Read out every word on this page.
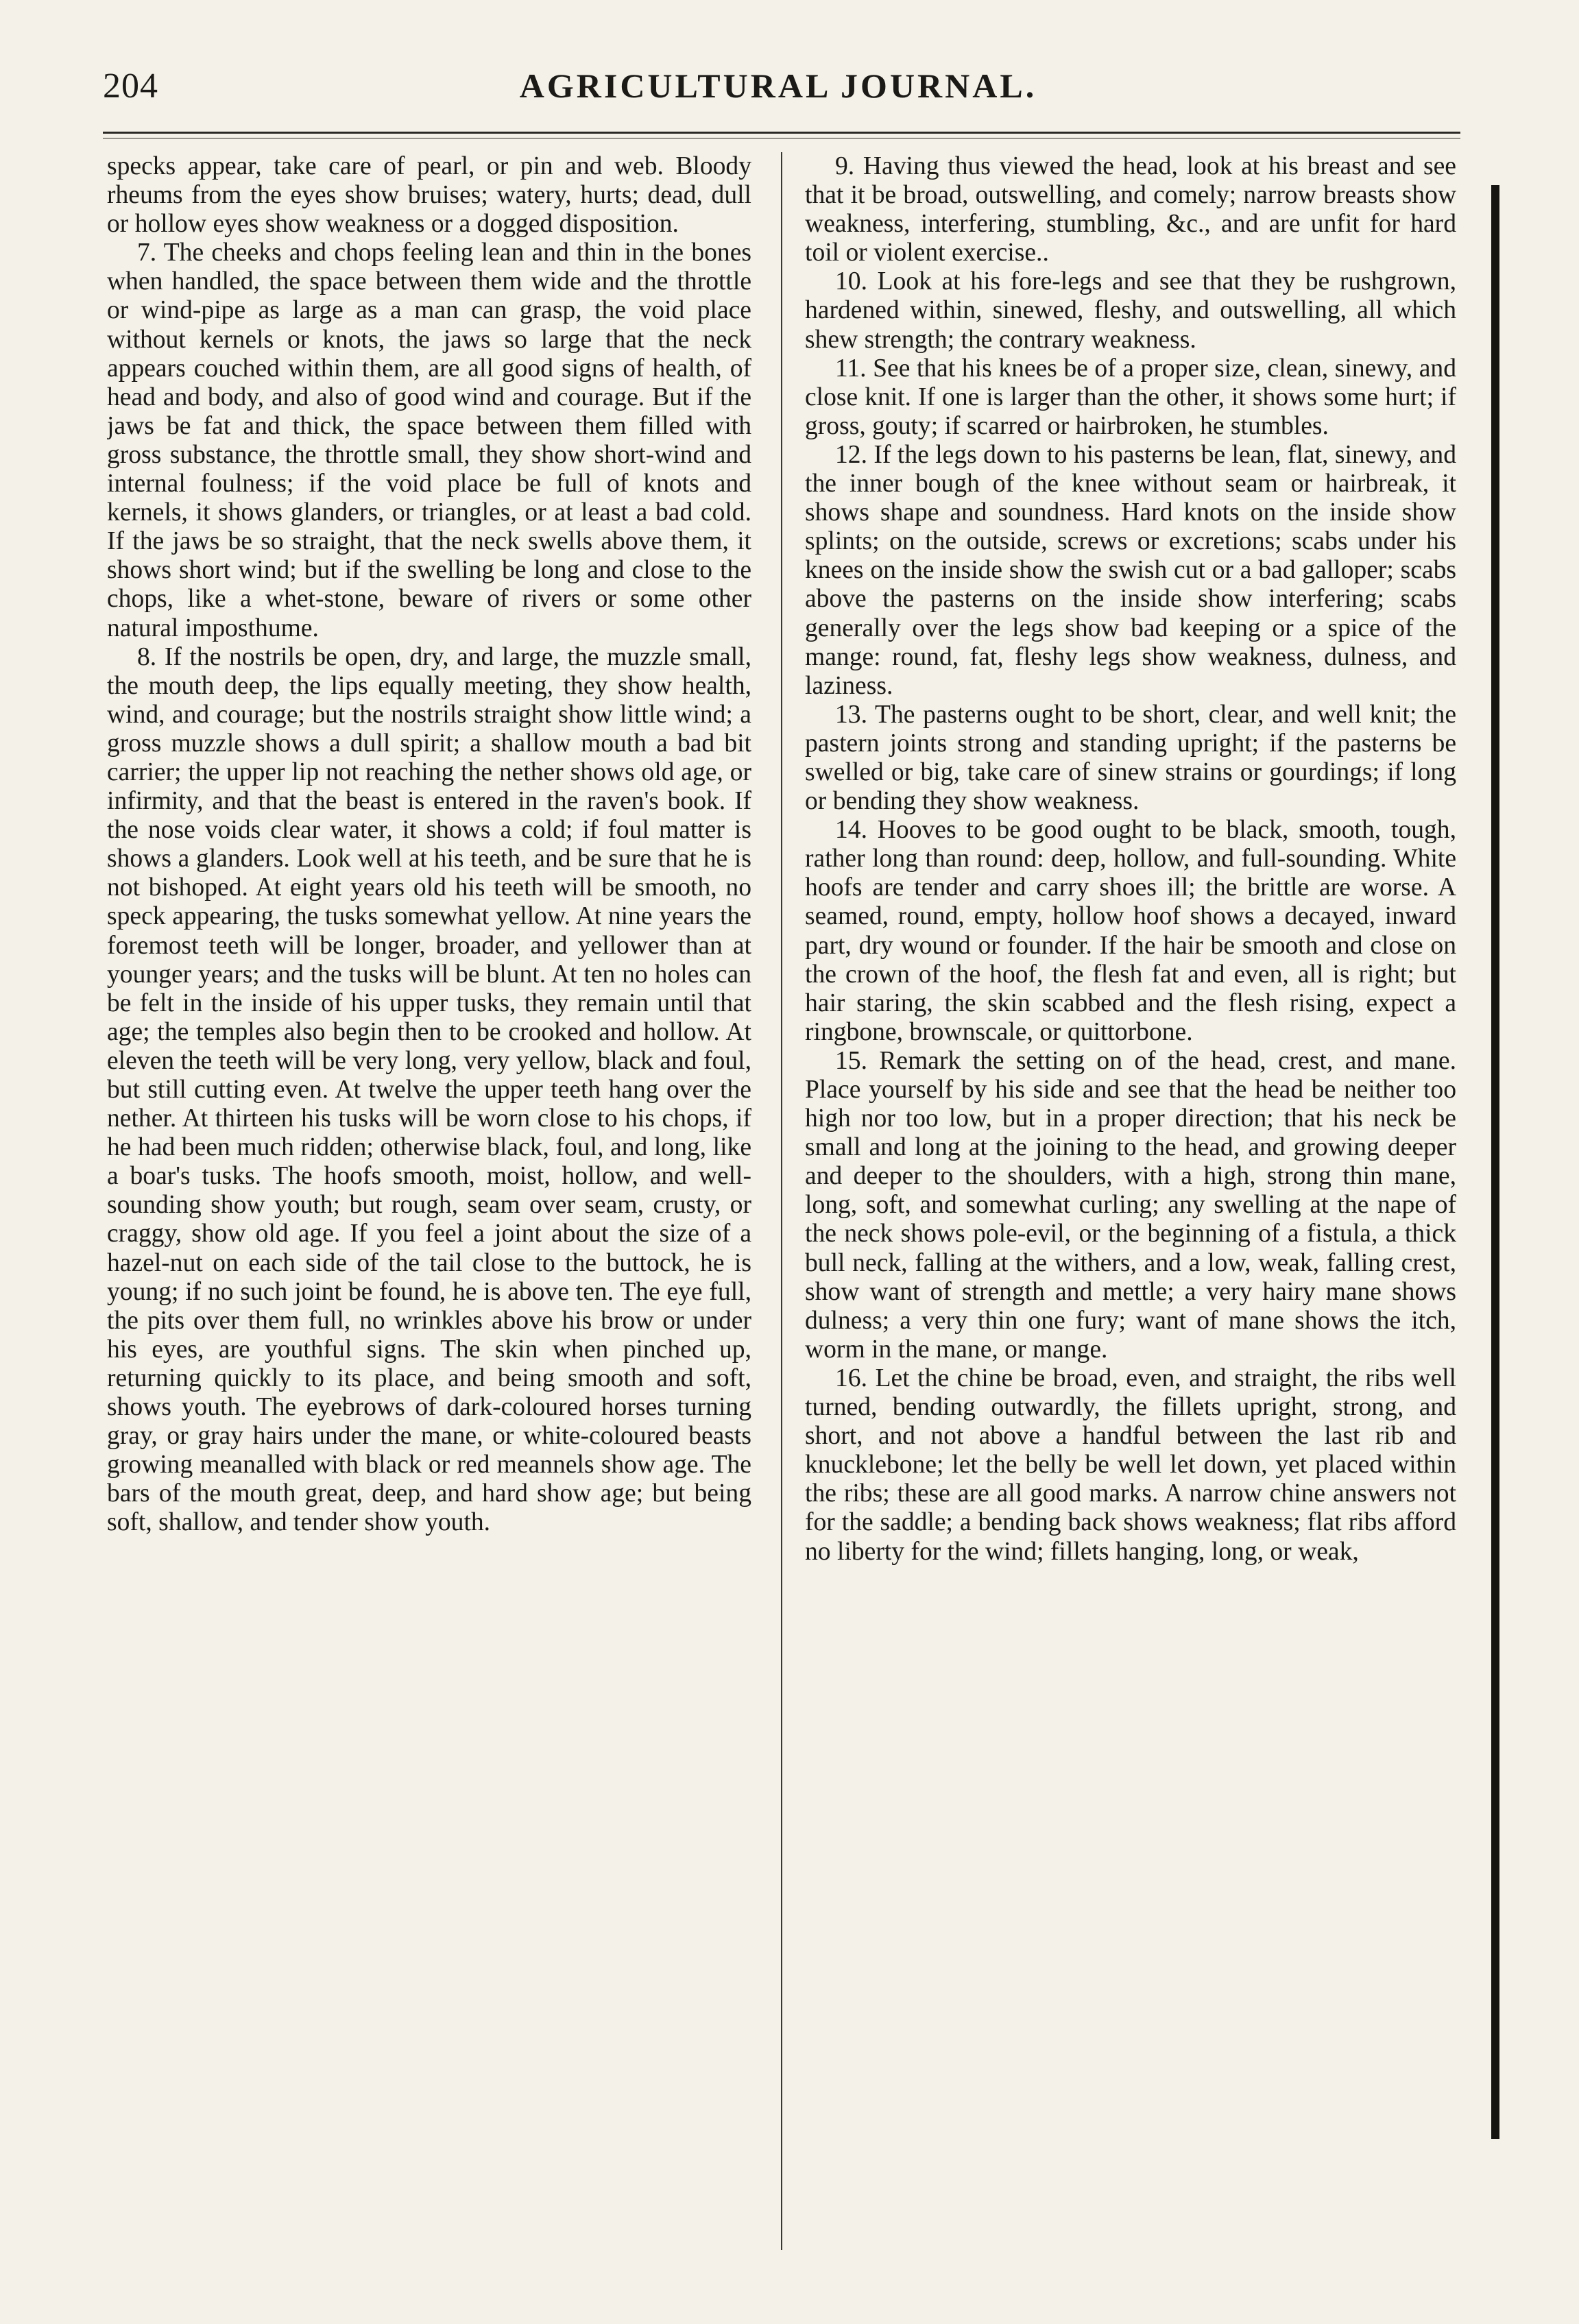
204	AGRICULTURAL JOURNAL.

specks appear, take care of pearl, or pin and web. Bloody rheums from the eyes show bruises; watery, hurts; dead, dull or hollow eyes show weakness or a dogged disposition.

7. The cheeks and chops feeling lean and thin in the bones when handled, the space between them wide and the throttle or wind-pipe as large as a man can grasp, the void place without kernels or knots, the jaws so large that the neck appears couched within them, are all good signs of health, of head and body, and also of good wind and courage. But if the jaws be fat and thick, the space between them filled with gross substance, the throttle small, they show short-wind and internal foulness; if the void place be full of knots and kernels, it shows glanders, or triangles, or at least a bad cold. If the jaws be so straight, that the neck swells above them, it shows short wind; but if the swelling be long and close to the chops, like a whet-stone, beware of rivers or some other natural imposthume.

8. If the nostrils be open, dry, and large, the muzzle small, the mouth deep, the lips equally meeting, they show health, wind, and courage; but the nostrils straight show little wind; a gross muzzle shows a dull spirit; a shallow mouth a bad bit carrier; the upper lip not reaching the nether shows old age, or infirmity, and that the beast is entered in the raven's book. If the nose voids clear water, it shows a cold; if foul matter is shows a glanders. Look well at his teeth, and be sure that he is not bishoped. At eight years old his teeth will be smooth, no speck appearing, the tusks somewhat yellow. At nine years the foremost teeth will be longer, broader, and yellower than at younger years; and the tusks will be blunt. At ten no holes can be felt in the inside of his upper tusks, they remain until that age; the temples also begin then to be crooked and hollow. At eleven the teeth will be very long, very yellow, black and foul, but still cutting even. At twelve the upper teeth hang over the nether. At thirteen his tusks will be worn close to his chops, if he had been much ridden; otherwise black, foul, and long, like a boar's tusks. The hoofs smooth, moist, hollow, and well-sounding show youth; but rough, seam over seam, crusty, or craggy, show old age. If you feel a joint about the size of a hazel-nut on each side of the tail close to the buttock, he is young; if no such joint be found, he is above ten. The eye full, the pits over them full, no wrinkles above his brow or under his eyes, are youthful signs. The skin when pinched up, returning quickly to its place, and being smooth and soft, shows youth. The eyebrows of dark-coloured horses turning gray, or gray hairs under the mane, or white-coloured beasts growing meanalled with black or red meannels show age. The bars of the mouth great, deep, and hard show age; but being soft, shallow, and tender show youth.

9. Having thus viewed the head, look at his breast and see that it be broad, outswelling, and comely; narrow breasts show weakness, interfering, stumbling, &c., and are unfit for hard toil or violent exercise..

10. Look at his fore-legs and see that they be rushgrown, hardened within, sinewed, fleshy, and outswelling, all which shew strength; the contrary weakness.

11. See that his knees be of a proper size, clean, sinewy, and close knit. If one is larger than the other, it shows some hurt; if gross, gouty; if scarred or hairbroken, he stumbles.

12. If the legs down to his pasterns be lean, flat, sinewy, and the inner bough of the knee without seam or hairbreak, it shows shape and soundness. Hard knots on the inside show splints; on the outside, screws or excretions; scabs under his knees on the inside show the swish cut or a bad galloper; scabs above the pasterns on the inside show interfering; scabs generally over the legs show bad keeping or a spice of the mange: round, fat, fleshy legs show weakness, dulness, and laziness.

13. The pasterns ought to be short, clear, and well knit; the pastern joints strong and standing upright; if the pasterns be swelled or big, take care of sinew strains or gourdings; if long or bending they show weakness.

14. Hooves to be good ought to be black, smooth, tough, rather long than round: deep, hollow, and full-sounding. White hoofs are tender and carry shoes ill; the brittle are worse. A seamed, round, empty, hollow hoof shows a decayed, inward part, dry wound or founder. If the hair be smooth and close on the crown of the hoof, the flesh fat and even, all is right; but hair staring, the skin scabbed and the flesh rising, expect a ringbone, brownscale, or quittorbone.

15. Remark the setting on of the head, crest, and mane. Place yourself by his side and see that the head be neither too high nor too low, but in a proper direction; that his neck be small and long at the joining to the head, and growing deeper and deeper to the shoulders, with a high, strong thin mane, long, soft, and somewhat curling; any swelling at the nape of the neck shows pole-evil, or the beginning of a fistula, a thick bull neck, falling at the withers, and a low, weak, falling crest, show want of strength and mettle; a very hairy mane shows dulness; a very thin one fury; want of mane shows the itch, worm in the mane, or mange.

16. Let the chine be broad, even, and straight, the ribs well turned, bending outwardly, the fillets upright, strong, and short, and not above a handful between the last rib and knucklebone; let the belly be well let down, yet placed within the ribs; these are all good marks. A narrow chine answers not for the saddle; a bending back shows weakness; flat ribs afford no liberty for the wind; fillets hanging, long, or weak,
